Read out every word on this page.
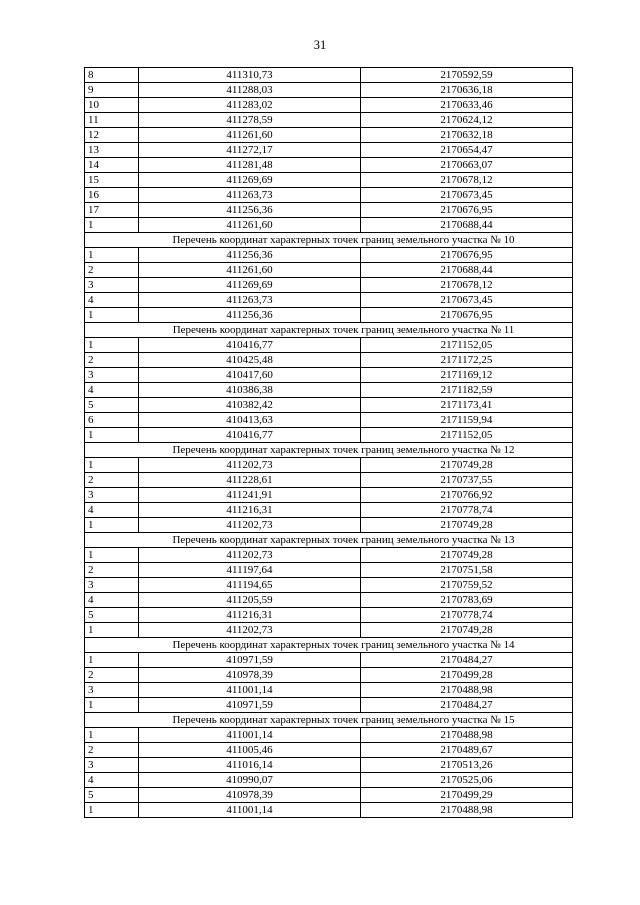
31
8	411310,73	2170592,59
9	411288,03	2170636,18
10	411283,02	2170633,46
11	411278,59	2170624,12
12	411261,60	2170632,18
13	411272,17	2170654,47
14	411281,48	2170663,07
15	411269,69	2170678,12
16	411263,73	2170673,45
17	411256,36	2170676,95
1	411261,60	2170688,44
Перечень координат характерных точек границ земельного участка № 10		
1	411256,36	2170676,95
2	411261,60	2170688,44
3	411269,69	2170678,12
4	411263,73	2170673,45
1	411256,36	2170676,95
Перечень координат характерных точек границ земельного участка № 11		
1	410416,77	2171152,05
2	410425,48	2171172,25
3	410417,60	2171169,12
4	410386,38	2171182,59
5	410382,42	2171173,41
6	410413,63	2171159,94
1	410416,77	2171152,05
Перечень координат характерных точек границ земельного участка № 12		
1	411202,73	2170749,28
2	411228,61	2170737,55
3	411241,91	2170766,92
4	411216,31	2170778,74
1	411202,73	2170749,28
Перечень координат характерных точек границ земельного участка № 13		
1	411202,73	2170749,28
2	411197,64	2170751,58
3	411194,65	2170759,52
4	411205,59	2170783,69
5	411216,31	2170778,74
1	411202,73	2170749,28
Перечень координат характерных точек границ земельного участка № 14		
1	410971,59	2170484,27
2	410978,39	2170499,28
3	411001,14	2170488,98
1	410971,59	2170484,27
Перечень координат характерных точек границ земельного участка № 15		
1	411001,14	2170488,98
2	411005,46	2170489,67
3	411016,14	2170513,26
4	410990,07	2170525,06
5	410978,39	2170499,29
1	411001,14	2170488,98
